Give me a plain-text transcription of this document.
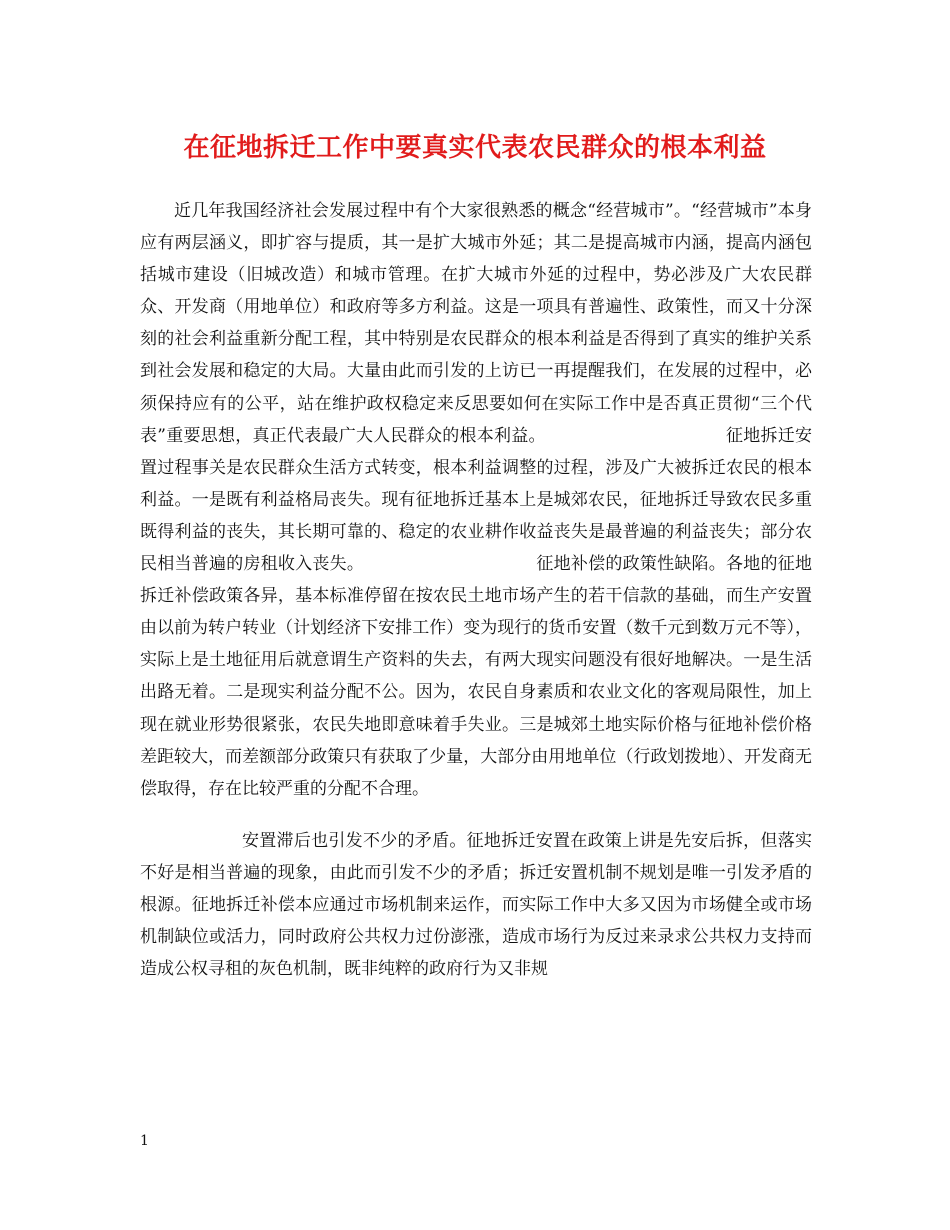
在征地拆迁工作中要真实代表农民群众的根本利益

近几年我国经济社会发展过程中有个大家很熟悉的概念“经营城市”。“经营城市”本身应有两层涵义，即扩容与提质，其一是扩大城市外延；其二是提高城市内涵，提高内涵包括城市建设（旧城改造）和城市管理。在扩大城市外延的过程中，势必涉及广大农民群众、开发商（用地单位）和政府等多方利益。这是一项具有普遍性、政策性，而又十分深刻的社会利益重新分配工程，其中特别是农民群众的根本利益是否得到了真实的维护关系到社会发展和稳定的大局。大量由此而引发的上访已一再提醒我们，在发展的过程中，必须保持应有的公平，站在维护政权稳定来反思要如何在实际工作中是否真正贯彻“三个代表”重要思想，真正代表最广大人民群众的根本利益。	征地拆迁安置过程事关是农民群众生活方式转变，根本利益调整的过程，涉及广大被拆迁农民的根本利益。一是既有利益格局丧失。现有征地拆迁基本上是城郊农民，征地拆迁导致农民多重既得利益的丧失，其长期可靠的、稳定的农业耕作收益丧失是最普遍的利益丧失；部分农民相当普遍的房租收入丧失。	征地补偿的政策性缺陷。各地的征地拆迁补偿政策各异，基本标准停留在按农民土地市场产生的若干信款的基础，而生产安置由以前为转户转业（计划经济下安排工作）变为现行的货币安置（数千元到数万元不等），实际上是土地征用后就意谓生产资料的失去，有两大现实问题没有很好地解决。一是生活出路无着。二是现实利益分配不公。因为，农民自身素质和农业文化的客观局限性，加上现在就业形势很紧张，农民失地即意味着手失业。三是城郊土地实际价格与征地补偿价格差距较大，而差额部分政策只有获取了少量，大部分由用地单位（行政划拨地）、开发商无偿取得，存在比较严重的分配不合理。

安置滞后也引发不少的矛盾。征地拆迁安置在政策上讲是先安后拆，但落实不好是相当普遍的现象，由此而引发不少的矛盾；拆迁安置机制不规划是唯一引发矛盾的根源。征地拆迁补偿本应通过市场机制来运作，而实际工作中大多又因为市场健全或市场机制缺位或活力，同时政府公共权力过份澎涨，造成市场行为反过来录求公共权力支持而造成公权寻租的灰色机制，既非纯粹的政府行为又非规

1
